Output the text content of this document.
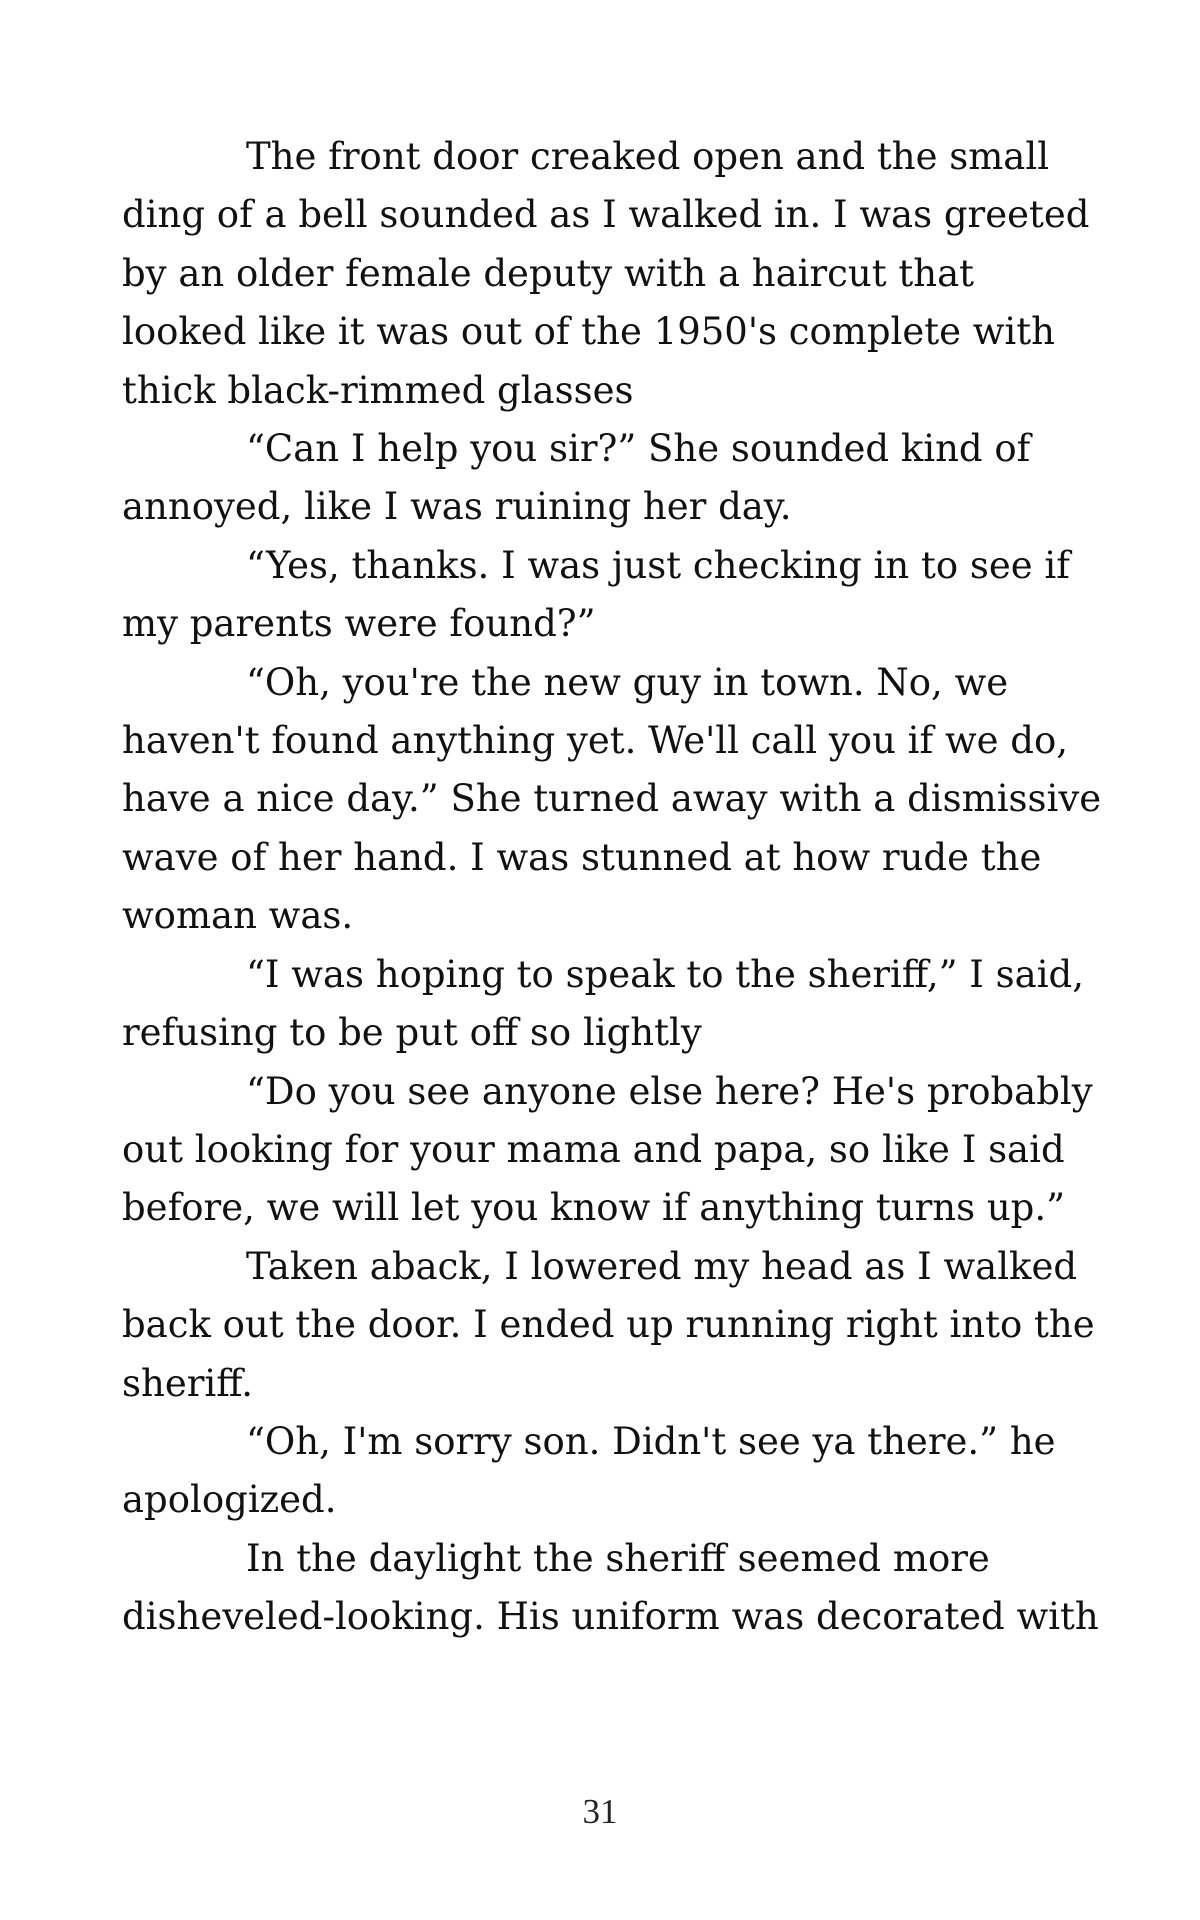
The front door creaked open and the small ding of a bell sounded as I walked in. I was greeted by an older female deputy with a haircut that looked like it was out of the 1950's complete with thick black-rimmed glasses

“Can I help you sir?” She sounded kind of annoyed, like I was ruining her day.

“Yes, thanks. I was just checking in to see if my parents were found?”

“Oh, you're the new guy in town. No, we haven't found anything yet. We'll call you if we do, have a nice day.” She turned away with a dismissive wave of her hand. I was stunned at how rude the woman was.

“I was hoping to speak to the sheriff,” I said, refusing to be put off so lightly

“Do you see anyone else here? He's probably out looking for your mama and papa, so like I said before, we will let you know if anything turns up.”

Taken aback, I lowered my head as I walked back out the door. I ended up running right into the sheriff.

“Oh, I'm sorry son. Didn't see ya there.” he apologized.

In the daylight the sheriff seemed more disheveled-looking. His uniform was decorated with

31
